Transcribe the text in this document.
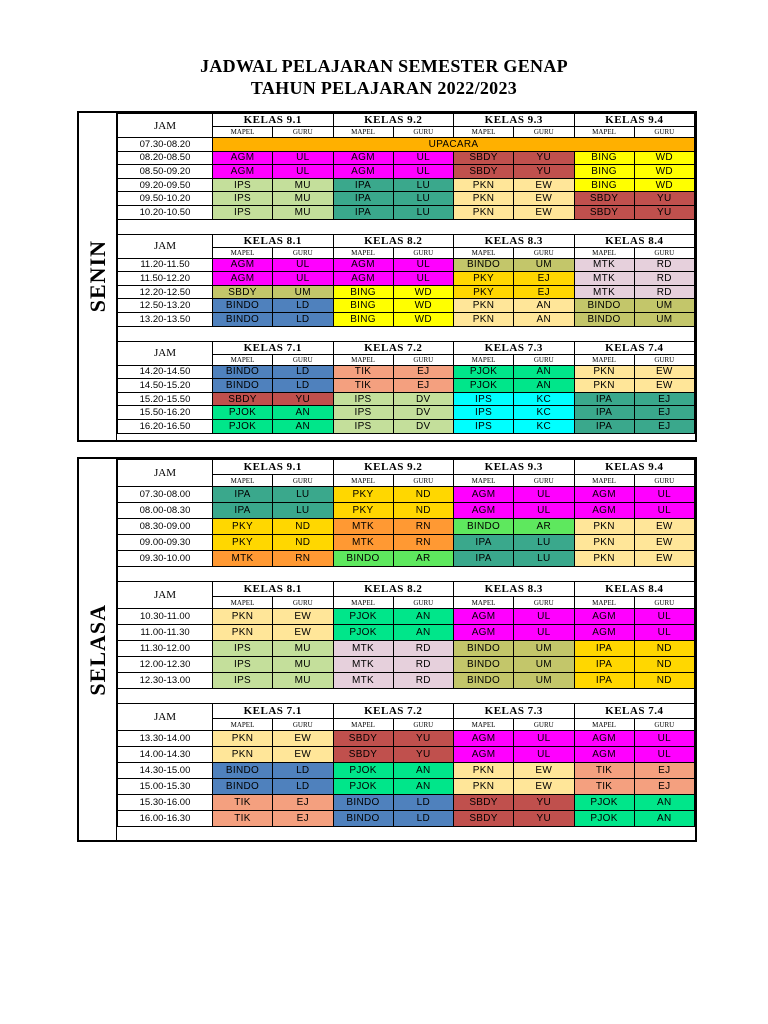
JADWAL PELAJARAN SEMESTER GENAP
TAHUN PELAJARAN 2022/2023
SENIN
JAM	KELAS 9.1		KELAS 9.2		KELAS 9.3		KELAS 9.4	
	MAPEL	GURU	MAPEL	GURU	MAPEL	GURU	MAPEL	GURU
07.30-08.20	UPACARA							
08.20-08.50	AGM	UL	AGM	UL	SBDY	YU	BING	WD
08.50-09.20	AGM	UL	AGM	UL	SBDY	YU	BING	WD
09.20-09.50	IPS	MU	IPA	LU	PKN	EW	BING	WD
09.50-10.20	IPS	MU	IPA	LU	PKN	EW	SBDY	YU
10.20-10.50	IPS	MU	IPA	LU	PKN	EW	SBDY	YU
JAM	KELAS 8.1		KELAS 8.2		KELAS 8.3		KELAS 8.4	
	MAPEL	GURU	MAPEL	GURU	MAPEL	GURU	MAPEL	GURU
11.20-11.50	AGM	UL	AGM	UL	BINDO	UM	MTK	RD
11.50-12.20	AGM	UL	AGM	UL	PKY	EJ	MTK	RD
12.20-12.50	SBDY	UM	BING	WD	PKY	EJ	MTK	RD
12.50-13.20	BINDO	LD	BING	WD	PKN	AN	BINDO	UM
13.20-13.50	BINDO	LD	BING	WD	PKN	AN	BINDO	UM
JAM	KELAS 7.1		KELAS 7.2		KELAS 7.3		KELAS 7.4	
	MAPEL	GURU	MAPEL	GURU	MAPEL	GURU	MAPEL	GURU
14.20-14.50	BINDO	LD	TIK	EJ	PJOK	AN	PKN	EW
14.50-15.20	BINDO	LD	TIK	EJ	PJOK	AN	PKN	EW
15.20-15.50	SBDY	YU	IPS	DV	IPS	KC	IPA	EJ
15.50-16.20	PJOK	AN	IPS	DV	IPS	KC	IPA	EJ
16.20-16.50	PJOK	AN	IPS	DV	IPS	KC	IPA	EJ
SELASA
JAM	KELAS 9.1		KELAS 9.2		KELAS 9.3		KELAS 9.4	
	MAPEL	GURU	MAPEL	GURU	MAPEL	GURU	MAPEL	GURU
07.30-08.00	IPA	LU	PKY	ND	AGM	UL	AGM	UL
08.00-08.30	IPA	LU	PKY	ND	AGM	UL	AGM	UL
08.30-09.00	PKY	ND	MTK	RN	BINDO	AR	PKN	EW
09.00-09.30	PKY	ND	MTK	RN	IPA	LU	PKN	EW
09.30-10.00	MTK	RN	BINDO	AR	IPA	LU	PKN	EW
JAM	KELAS 8.1		KELAS 8.2		KELAS 8.3		KELAS 8.4	
	MAPEL	GURU	MAPEL	GURU	MAPEL	GURU	MAPEL	GURU
10.30-11.00	PKN	EW	PJOK	AN	AGM	UL	AGM	UL
11.00-11.30	PKN	EW	PJOK	AN	AGM	UL	AGM	UL
11.30-12.00	IPS	MU	MTK	RD	BINDO	UM	IPA	ND
12.00-12.30	IPS	MU	MTK	RD	BINDO	UM	IPA	ND
12.30-13.00	IPS	MU	MTK	RD	BINDO	UM	IPA	ND
JAM	KELAS 7.1		KELAS 7.2		KELAS 7.3		KELAS 7.4	
	MAPEL	GURU	MAPEL	GURU	MAPEL	GURU	MAPEL	GURU
13.30-14.00	PKN	EW	SBDY	YU	AGM	UL	AGM	UL
14.00-14.30	PKN	EW	SBDY	YU	AGM	UL	AGM	UL
14.30-15.00	BINDO	LD	PJOK	AN	PKN	EW	TIK	EJ
15.00-15.30	BINDO	LD	PJOK	AN	PKN	EW	TIK	EJ
15.30-16.00	TIK	EJ	BINDO	LD	SBDY	YU	PJOK	AN
16.00-16.30	TIK	EJ	BINDO	LD	SBDY	YU	PJOK	AN
